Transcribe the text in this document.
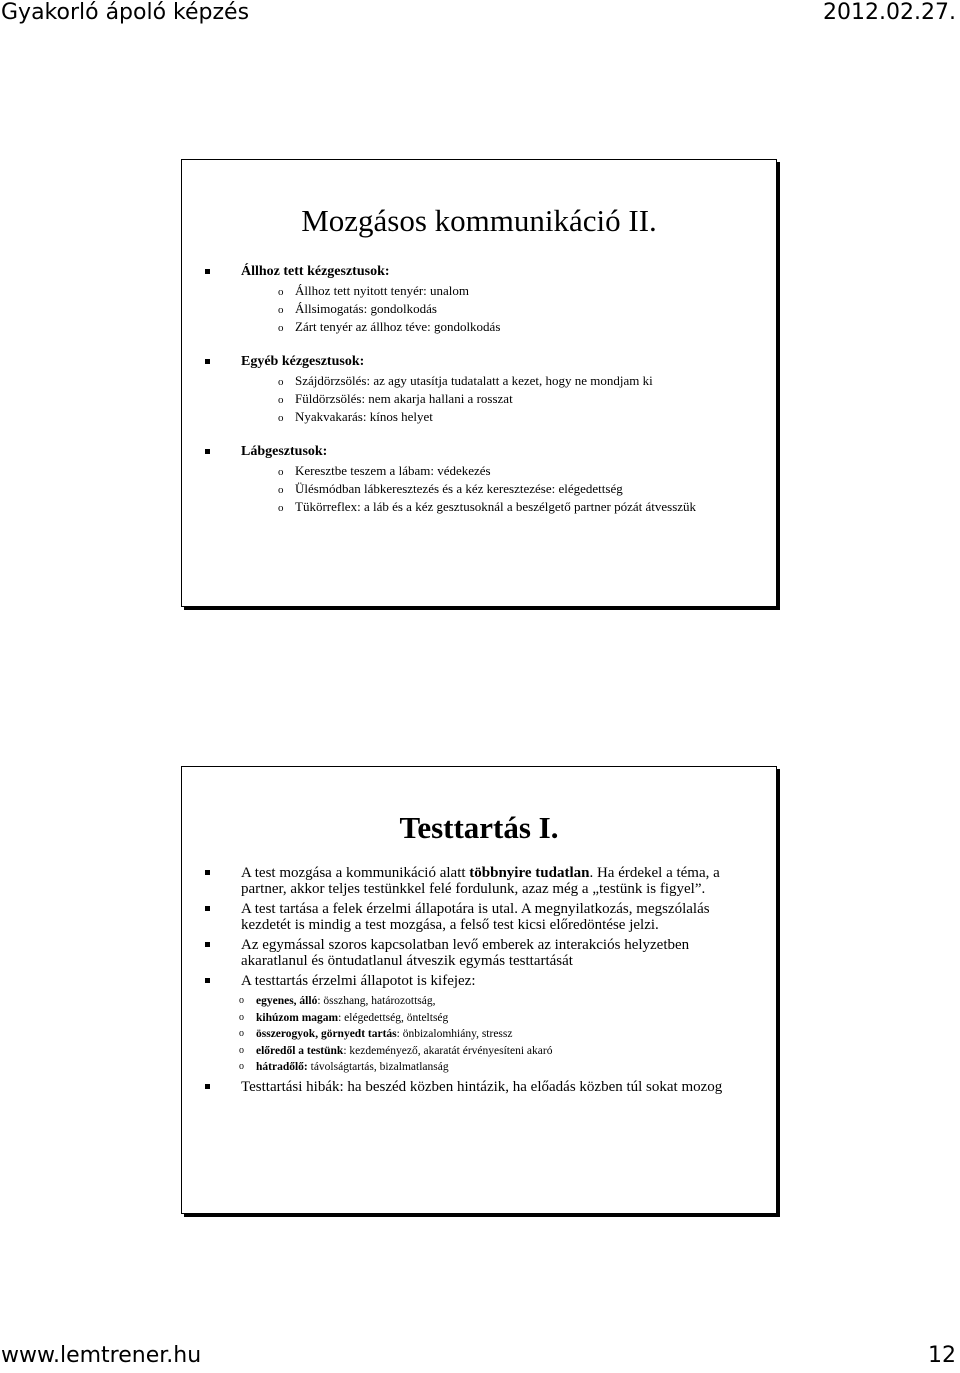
Gyakorló ápoló képzés	2012.02.27.
Mozgásos kommunikáció II.
Állhoz tett kézgesztusok:
o Állhoz tett nyitott tenyér: unalom
o Állsimogatás: gondolkodás
o Zárt tenyér az állhoz téve: gondolkodás
Egyéb kézgesztusok:
o Szájdörzsölés: az agy utasítja tudatalatt a kezet, hogy ne mondjam ki
o Füldörzsölés: nem akarja hallani a rosszat
o Nyakvakarás: kínos helyet
Lábgesztusok:
o Keresztbe teszem a lábam: védekezés
o Ülésmódban lábkeresztezés és a kéz keresztezése: elégedettség
o Tükörreflex: a láb és a kéz gesztusoknál a beszélgető partner pózát átvesszük
Testtartás I.
A test mozgása a kommunikáció alatt többnyire tudatlan. Ha érdekel a téma, a partner, akkor teljes testünkkel felé fordulunk, azaz még a „testünk is figyel”.
A test tartása a felek érzelmi állapotára is utal. A megnyilatkozás, megszólalás kezdetét is mindig a test mozgása, a felső test kicsi előredöntése jelzi.
Az egymással szoros kapcsolatban levő emberek az interakciós helyzetben akaratlanul és öntudatlanul átveszik egymás testtartását
A testtartás érzelmi állapotot is kifejez:
o egyenes, álló: összhang, határozottság,
o kihúzom magam: elégedettség, önteltség
o összerogyok, görnyedt tartás: önbizalomhiány, stressz
o előredől a testünk: kezdeményező, akaratát érvényesíteni akaró
o hátradőlő: távolságtartás, bizalmatlanság
Testtartási hibák: ha beszéd közben hintázik, ha előadás közben túl sokat mozog
www.lemtrener.hu	12
